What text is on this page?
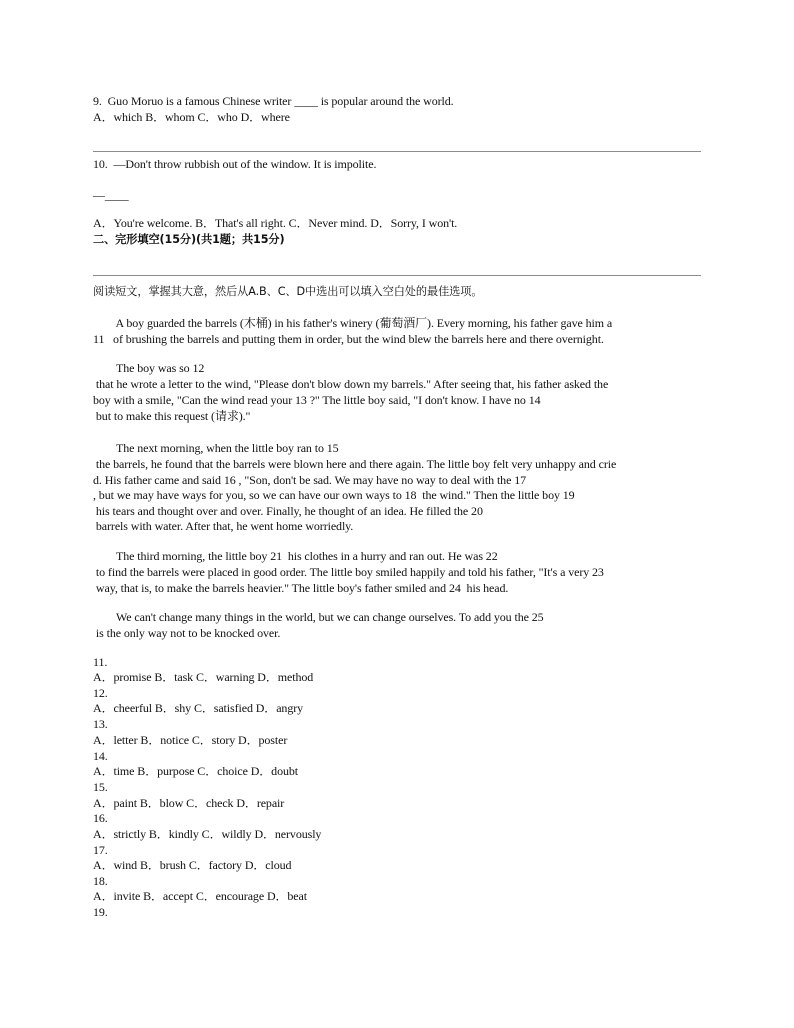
9.  Guo Moruo is a famous Chinese writer ____ is popular around the world.
A．which B．whom C．who D．where
10.  —Don't throw rubbish out of the window. It is impolite.
—____
A．You're welcome. B．That's all right. C．Never mind. D．Sorry, I won't.
二、完形填空(15分)(共1题；共15分)
阅读短文，掌握其大意，然后从A.B、C、D中选出可以填入空白处的最佳选项。
A boy guarded the barrels (木桶) in his father's winery (葡萄酒厂). Every morning, his father gave him a
11   of brushing the barrels and putting them in order, but the wind blew the barrels here and there overnight.
The boy was so 12
that he wrote a letter to the wind, "Please don't blow down my barrels." After seeing that, his father asked the
boy with a smile, "Can the wind read your 13 ?" The little boy said, "I don't know. I have no 14
but to make this request (请求)."
The next morning, when the little boy ran to 15
the barrels, he found that the barrels were blown here and there again. The little boy felt very unhappy and crie
d. His father came and said 16 , "Son, don't be sad. We may have no way to deal with the 17
, but we may have ways for you, so we can have our own ways to 18  the wind." Then the little boy 19
his tears and thought over and over. Finally, he thought of an idea. He filled the 20
barrels with water. After that, he went home worriedly.
The third morning, the little boy 21  his clothes in a hurry and ran out. He was 22
to find the barrels were placed in good order. The little boy smiled happily and told his father, "It's a very 23
way, that is, to make the barrels heavier." The little boy's father smiled and 24  his head.
We can't change many things in the world, but we can change ourselves. To add you the 25
is the only way not to be knocked over.
11.
A．promise B．task C．warning D．method
12.
A．cheerful B．shy C．satisfied D．angry
13.
A．letter B．notice C．story D．poster
14.
A．time B．purpose C．choice D．doubt
15.
A．paint B．blow C．check D．repair
16.
A．strictly B．kindly C．wildly D．nervously
17.
A．wind B．brush C．factory D．cloud
18.
A．invite B．accept C．encourage D．beat
19.
